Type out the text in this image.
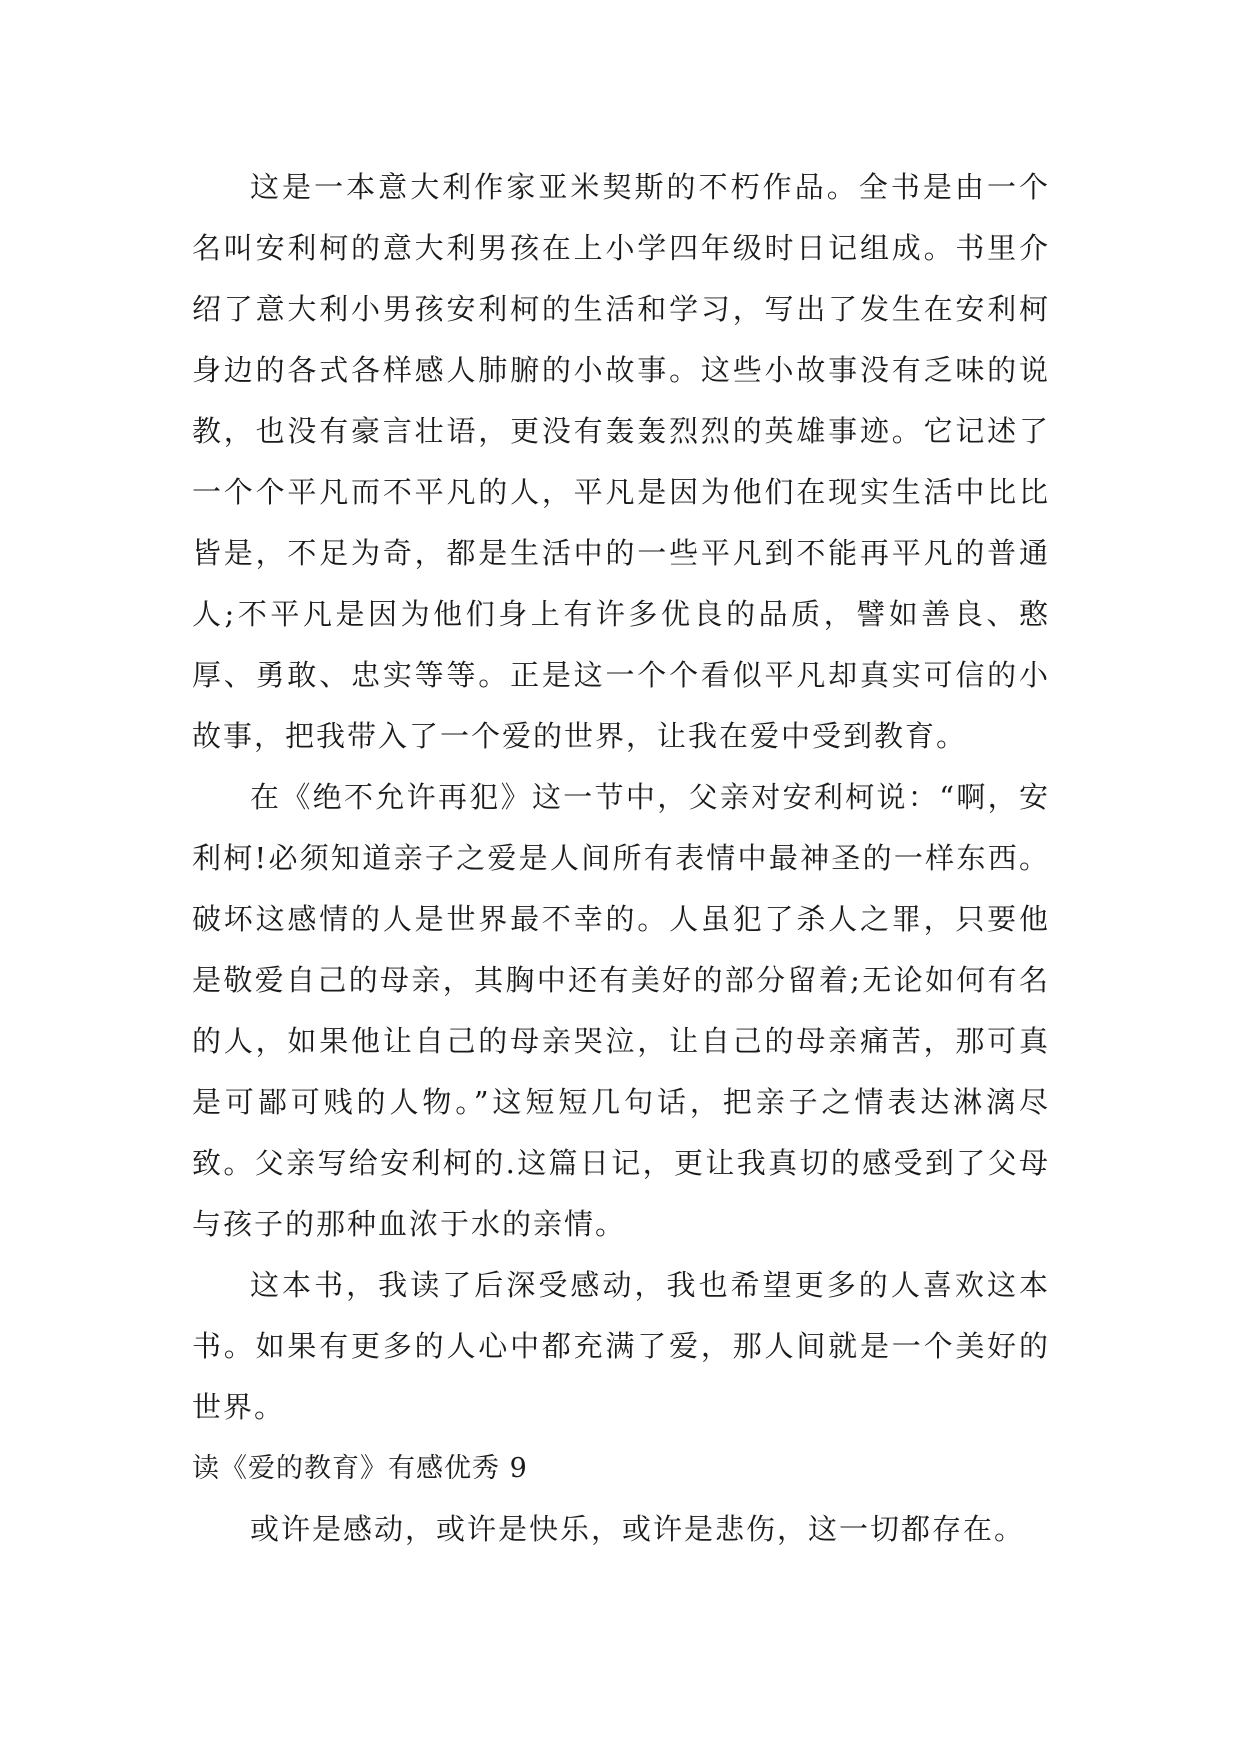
这是一本意大利作家亚米契斯的不朽作品。全书是由一个名叫安利柯的意大利男孩在上小学四年级时日记组成。书里介绍了意大利小男孩安利柯的生活和学习，写出了发生在安利柯身边的各式各样感人肺腑的小故事。这些小故事没有乏味的说教，也没有豪言壮语，更没有轰轰烈烈的英雄事迹。它记述了一个个平凡而不平凡的人，平凡是因为他们在现实生活中比比皆是，不足为奇，都是生活中的一些平凡到不能再平凡的普通人;不平凡是因为他们身上有许多优良的品质，譬如善良、憨厚、勇敢、忠实等等。正是这一个个看似平凡却真实可信的小故事，把我带入了一个爱的世界，让我在爱中受到教育。

在《绝不允许再犯》这一节中，父亲对安利柯说：“啊，安利柯!必须知道亲子之爱是人间所有表情中最神圣的一样东西。破坏这感情的人是世界最不幸的。人虽犯了杀人之罪，只要他是敬爱自己的母亲，其胸中还有美好的部分留着;无论如何有名的人，如果他让自己的母亲哭泣，让自己的母亲痛苦，那可真是可鄙可贱的人物。”这短短几句话，把亲子之情表达淋漓尽致。父亲写给安利柯的.这篇日记，更让我真切的感受到了父母与孩子的那种血浓于水的亲情。

这本书，我读了后深受感动，我也希望更多的人喜欢这本书。如果有更多的人心中都充满了爱，那人间就是一个美好的世界。

读《爱的教育》有感优秀 9

或许是感动，或许是快乐，或许是悲伤，这一切都存在。
